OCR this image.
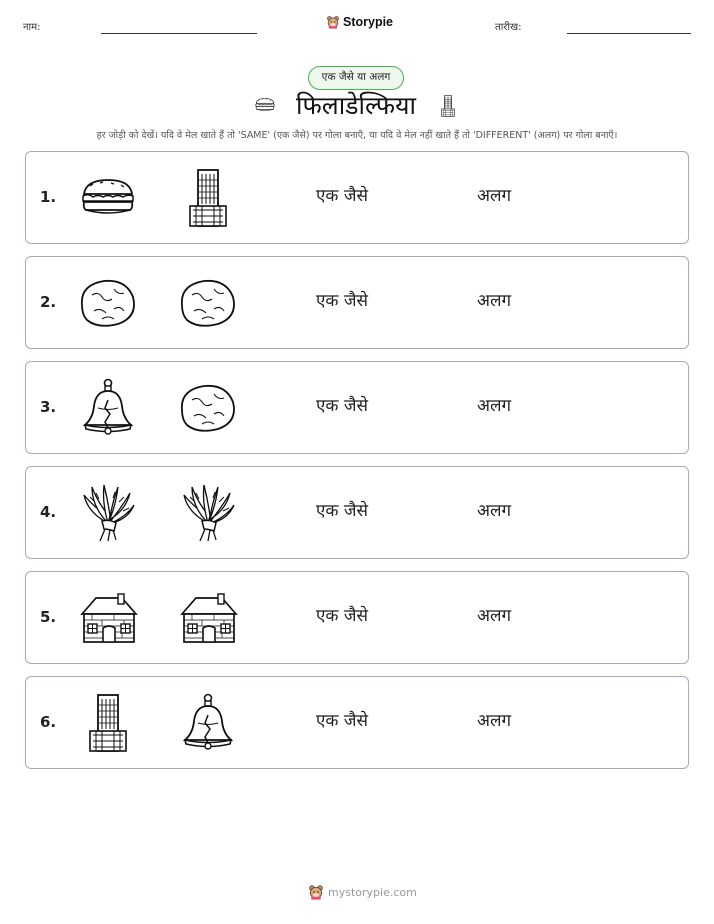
नाम:	Storypie	तारीख:
एक जैसे या अलग
फिलाडेल्फिया
हर जोड़ी को देखें। यदि वे मेल खाते हैं तो 'SAME' (एक जैसे) पर गोला बनाएँ, या यदि वे मेल नहीं खाते हैं तो 'DIFFERENT' (अलग) पर गोला बनाएँ।
1.	एक जैसे	अलग
2.	एक जैसे	अलग
3.	एक जैसे	अलग
4.	एक जैसे	अलग
5.	एक जैसे	अलग
6.	एक जैसे	अलग
mystorypie.com
